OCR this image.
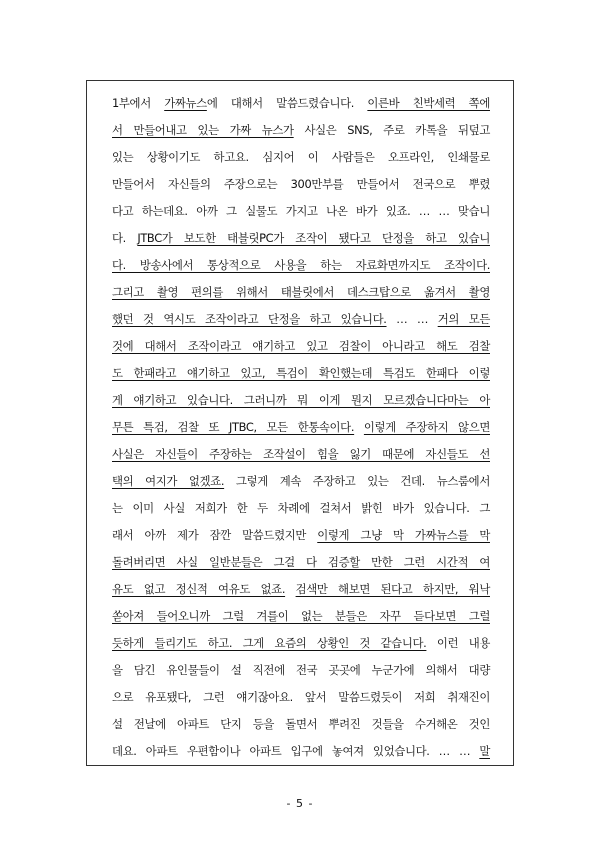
1부에서 가짜뉴스에 대해서 말씀드렸습니다. 이른바 친박세력 쪽에
서 만들어내고 있는 가짜 뉴스가 사실은 SNS, 주로 카톡을 뒤덮고
있는 상황이기도 하고요. 심지어 이 사람들은 오프라인, 인쇄물로
만들어서 자신들의 주장으로는 300만부를 만들어서 전국으로 뿌렸
다고 하는데요. 아까 그 실물도 가지고 나온 바가 있죠. … … 맞습니
다. JTBC가 보도한 태블릿PC가 조작이 됐다고 단정을 하고 있습니
다. 방송사에서 통상적으로 사용을 하는 자료화면까지도 조작이다.
그리고 촬영 편의를 위해서 태블릿에서 데스크탑으로 옮겨서 촬영
했던 것 역시도 조작이라고 단정을 하고 있습니다. … … 거의 모든
것에 대해서 조작이라고 얘기하고 있고 검찰이 아니라고 해도 검찰
도 한패라고 얘기하고 있고, 특검이 확인했는데 특검도 한패다 이렇
게 얘기하고 있습니다. 그러니까 뭐 이게 뭔지 모르겠습니다마는 아
무튼 특검, 검찰 또 JTBC, 모든 한통속이다. 이렇게 주장하지 않으면
사실은 자신들이 주장하는 조작설이 힘을 잃기 때문에 자신들도 선
택의 여지가 없겠죠. 그렇게 계속 주장하고 있는 건데. 뉴스룸에서
는 이미 사실 저희가 한 두 차례에 걸쳐서 밝힌 바가 있습니다. 그
래서 아까 제가 잠깐 말씀드렸지만 이렇게 그냥 막 가짜뉴스를 막
돌려버리면 사실 일반분들은 그걸 다 검증할 만한 그런 시간적 여
유도 없고 정신적 여유도 없죠. 검색만 해보면 된다고 하지만, 워낙
쏟아져 들어오니까 그럴 겨를이 없는 분들은 자꾸 듣다보면 그럴
듯하게 들리기도 하고. 그게 요즘의 상황인 것 같습니다. 이런 내용
을 담긴 유인물들이 설 직전에 전국 곳곳에 누군가에 의해서 대량
으로 유포됐다, 그런 얘기잖아요. 앞서 말씀드렸듯이 저희 취재진이
설 전날에 아파트 단지 등을 돌면서 뿌려진 것들을 수거해온 것인
데요. 아파트 우편함이나 아파트 입구에 놓여져 있었습니다. … … 말
- 5 -
